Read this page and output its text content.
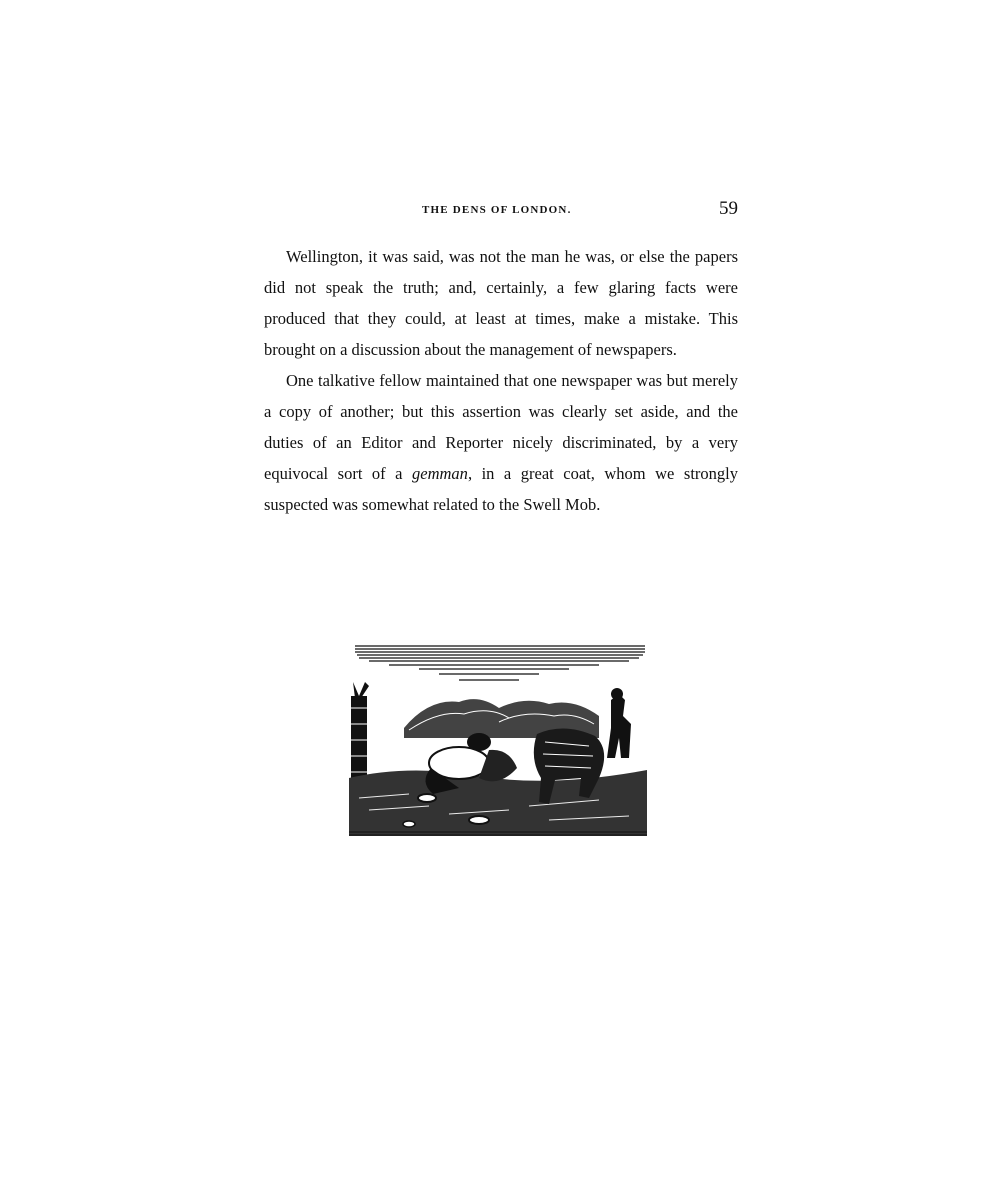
THE DENS OF LONDON.	59

Wellington, it was said, was not the man he was, or else the papers did not speak the truth; and, certainly, a few glaring facts were produced that they could, at least at times, make a mistake. This brought on a discussion about the management of newspapers.

One talkative fellow maintained that one newspaper was but merely a copy of another; but this assertion was clearly set aside, and the duties of an Editor and Reporter nicely discriminated, by a very equivocal sort of a gemman, in a great coat, whom we strongly suspected was somewhat related to the Swell Mob.
